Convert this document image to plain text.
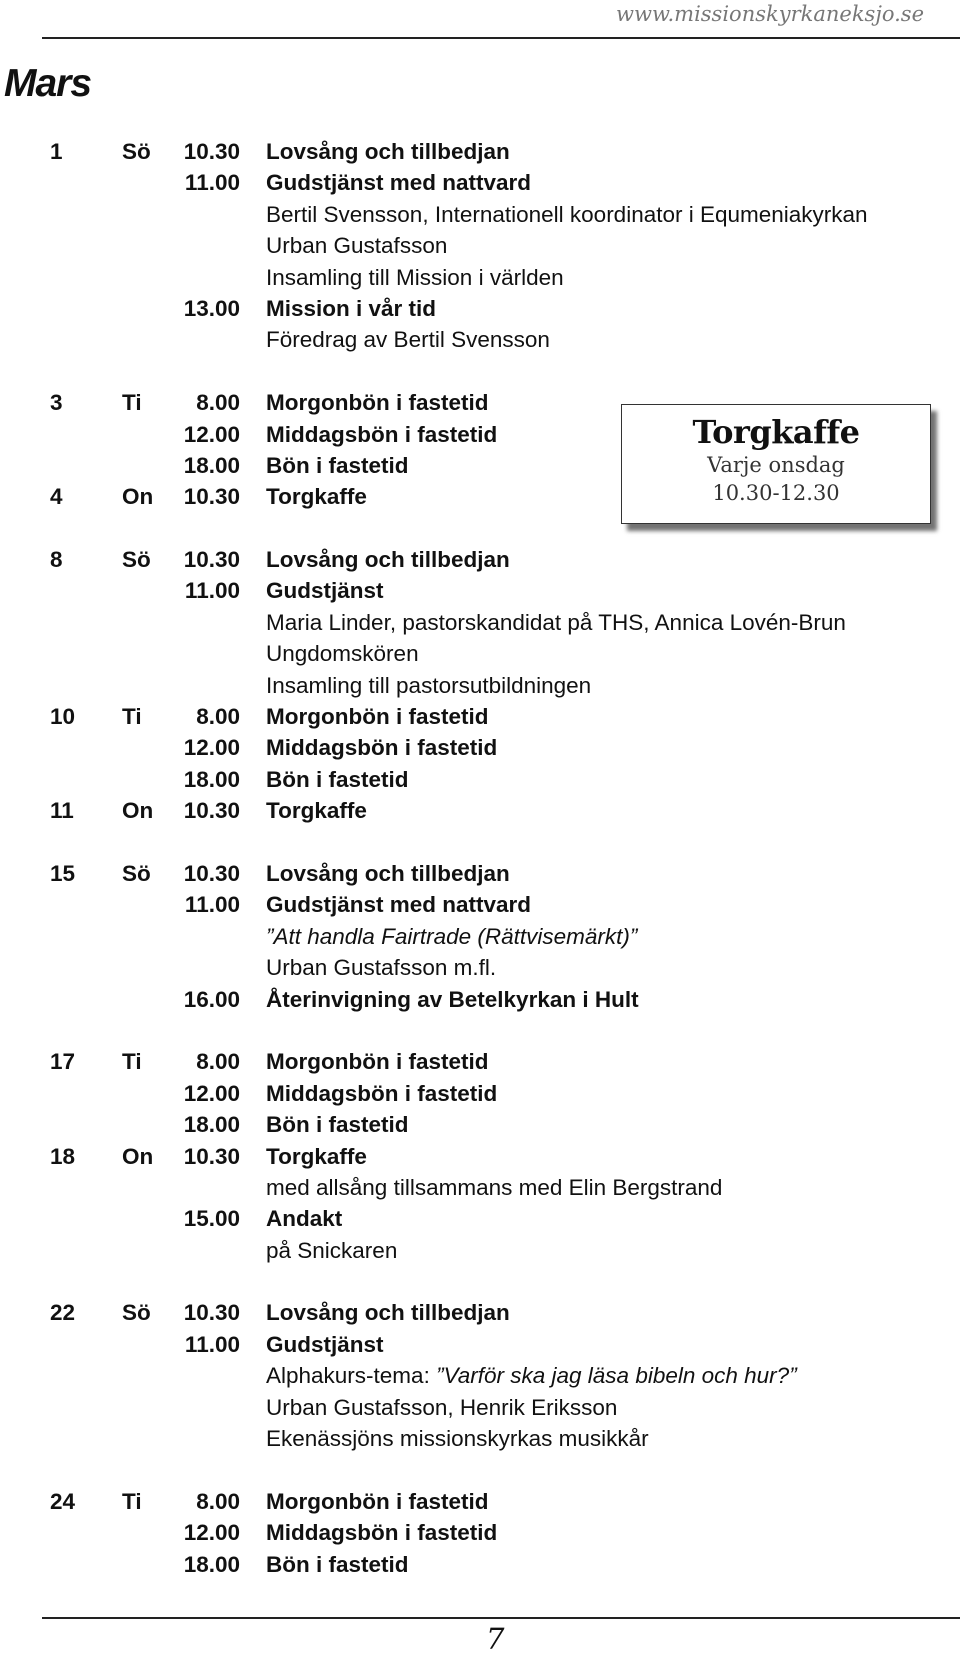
www.missionskyrkaneksjo.se
Mars
1	Sö	10.30 Lovsång och tillbedjan
11.00 Gudstjänst med nattvard
Bertil Svensson, Internationell koordinator i Equmeniakyrkan
Urban Gustafsson
Insamling till Mission i världen
13.00 Mission i vår tid
Föredrag av Bertil Svensson
3	Ti	8.00 Morgonbön i fastetid
12.00 Middagsbön i fastetid
18.00 Bön i fastetid
4	On	10.30 Torgkaffe
8	Sö	10.30 Lovsång och tillbedjan
11.00 Gudstjänst
Maria Linder, pastorskandidat på THS, Annica Lovén-Brun
Ungdomskören
Insamling till pastorsutbildningen
10 Ti	8.00 Morgonbön i fastetid
12.00 Middagsbön i fastetid
18.00 Bön i fastetid
11 On	10.30 Torgkaffe
15 Sö	10.30 Lovsång och tillbedjan
11.00 Gudstjänst med nattvard
”Att handla Fairtrade (Rättvisemärkt)”
Urban Gustafsson m.fl.
16.00 Återinvigning av Betelkyrkan i Hult
17 Ti	8.00 Morgonbön i fastetid
12.00 Middagsbön i fastetid
18.00 Bön i fastetid
18 On	10.30 Torgkaffe
med allsång tillsammans med Elin Bergstrand
15.00 Andakt
på Snickaren
22 Sö	10.30 Lovsång och tillbedjan
11.00 Gudstjänst
Alphakurs-tema: ”Varför ska jag läsa bibeln och hur?”
Urban Gustafsson, Henrik Eriksson
Ekenässjöns missionskyrkas musikkår
24 Ti	8.00 Morgonbön i fastetid
12.00 Middagsbön i fastetid
18.00 Bön i fastetid
Torgkaffe
Varje onsdag
10.30-12.30
7
